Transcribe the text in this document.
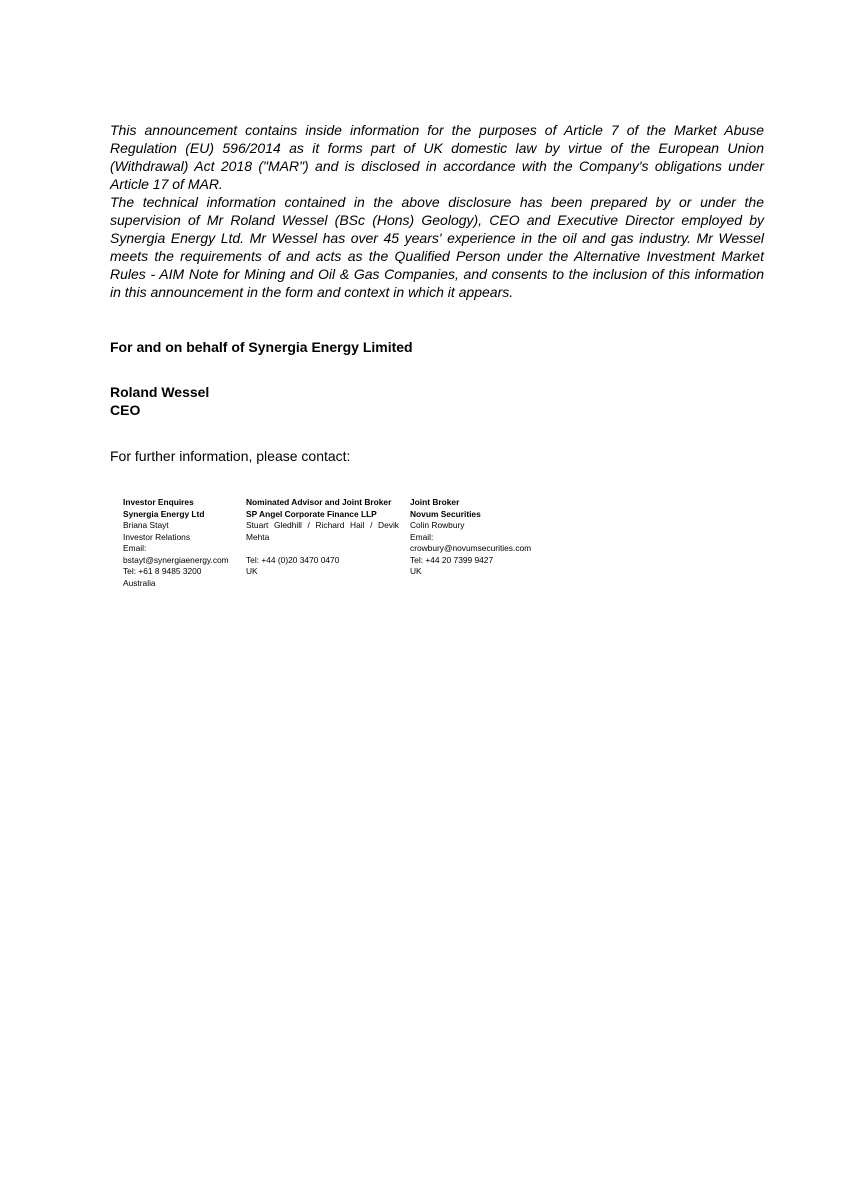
This announcement contains inside information for the purposes of Article 7 of the Market Abuse Regulation (EU) 596/2014 as it forms part of UK domestic law by virtue of the European Union (Withdrawal) Act 2018 ("MAR") and is disclosed in accordance with the Company's obligations under Article 17 of MAR.

The technical information contained in the above disclosure has been prepared by or under the supervision of Mr Roland Wessel (BSc (Hons) Geology), CEO and Executive Director employed by Synergia Energy Ltd. Mr Wessel has over 45 years' experience in the oil and gas industry. Mr Wessel meets the requirements of and acts as the Qualified Person under the Alternative Investment Market Rules - AIM Note for Mining and Oil & Gas Companies, and consents to the inclusion of this information in this announcement in the form and context in which it appears.

For and on behalf of Synergia Energy Limited

Roland Wessel
CEO

For further information, please contact:

Investor Enquires
Synergia Energy Ltd
Briana Stayt
Investor Relations
Email:
bstayt@synergiaenergy.com
Tel: +61 8 9485 3200
Australia
Nominated Advisor and Joint Broker
SP Angel Corporate Finance LLP
Stuart Gledhill / Richard Hail / Devik Mehta
Tel: +44 (0)20 3470 0470
UK
Joint Broker
Novum Securities
Colin Rowbury
Email:
crowbury@novumsecurities.com
Tel: +44 20 7399 9427
UK
